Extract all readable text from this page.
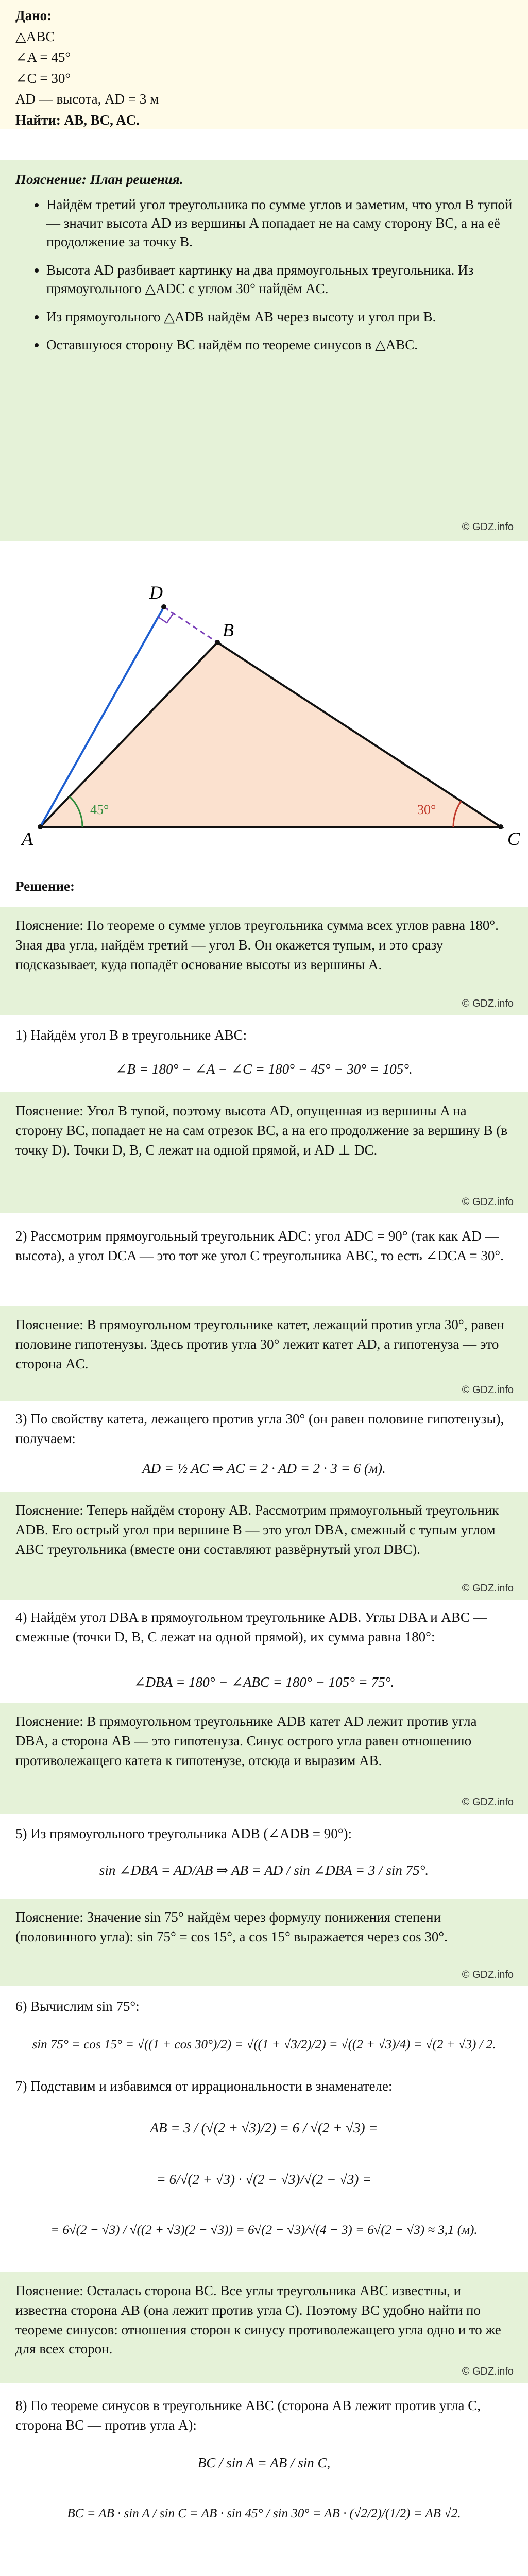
Дано:
△ABC
∠A = 45°
∠C = 30°
AD — высота, AD = 3 м
Найти: AB, BC, AC.
Пояснение: План решения.
• Найдём третий угол треугольника по сумме углов и заметим, что угол B тупой — значит высота AD из вершины A попадает не на саму сторону BC, а на её продолжение за точку B.
• Высота AD разбивает картинку на два прямоугольных треугольника. Из прямоугольного △ADC с углом 30° найдём AC.
• Из прямоугольного △ADB найдём AB через высоту и угол при B.
• Оставшуюся сторону BC найдём по теореме синусов в △ABC.
© GDZ.info
A
B
C
D
45°	30°
Решение:
Пояснение: По теореме о сумме углов треугольника сумма всех углов равна 180°. Зная два угла, найдём третий — угол B. Он окажется тупым, и это сразу подсказывает, куда попадёт основание высоты из вершины A.
© GDZ.info
1) Найдём угол B в треугольнике ABC:
∠B = 180° − ∠A − ∠C = 180° − 45° − 30° = 105°.
Пояснение: Угол B тупой, поэтому высота AD, опущенная из вершины A на сторону BC, попадает не на сам отрезок BC, а на его продолжение за вершину B (в точку D). Точки D, B, C лежат на одной прямой, и AD ⊥ DC.
© GDZ.info
2) Рассмотрим прямоугольный треугольник ADC: угол ADC = 90° (так как AD — высота), а угол DCA — это тот же угол C треугольника ABC, то есть ∠DCA = 30°.
Пояснение: В прямоугольном треугольнике катет, лежащий против угла 30°, равен половине гипотенузы. Здесь против угла 30° лежит катет AD, а гипотенуза — это сторона AC.
© GDZ.info
3) По свойству катета, лежащего против угла 30° (он равен половине гипотенузы), получаем:
AD = ½ AC ⇒ AC = 2 · AD = 2 · 3 = 6 (м).
Пояснение: Теперь найдём сторону AB. Рассмотрим прямоугольный треугольник ADB. Его острый угол при вершине B — это угол DBA, смежный с тупым углом ABC треугольника (вместе они составляют развёрнутый угол DBC).
© GDZ.info
4) Найдём угол DBA в прямоугольном треугольнике ADB. Углы DBA и ABC — смежные (точки D, B, C лежат на одной прямой), их сумма равна 180°:
∠DBA = 180° − ∠ABC = 180° − 105° = 75°.
Пояснение: В прямоугольном треугольнике ADB катет AD лежит против угла DBA, а сторона AB — это гипотенуза. Синус острого угла равен отношению противолежащего катета к гипотенузе, отсюда и выразим AB.
© GDZ.info
5) Из прямоугольного треугольника ADB (∠ADB = 90°):
sin ∠DBA = AD/AB ⇒ AB = AD / sin ∠DBA = 3 / sin 75°.
Пояснение: Значение sin 75° найдём через формулу понижения степени (половинного угла): sin 75° = cos 15°, а cos 15° выражается через cos 30°.
© GDZ.info
6) Вычислим sin 75°:
sin 75° = cos 15° = √((1 + cos 30°)/2) = √((1 + √3/2)/2) = √((2 + √3)/4) = √(2 + √3) / 2.
7) Подставим и избавимся от иррациональности в знаменателе:
AB = 3 / (√(2 + √3)/2) = 6 / √(2 + √3) =
= 6/√(2 + √3) · √(2 − √3)/√(2 − √3) =
= 6√(2 − √3) / √((2 + √3)(2 − √3)) = 6√(2 − √3)/√(4 − 3) = 6√(2 − √3) ≈ 3,1 (м).
Пояснение: Осталась сторона BC. Все углы треугольника ABC известны, и известна сторона AB (она лежит против угла C). Поэтому BC удобно найти по теореме синусов: отношения сторон к синусу противолежащего угла одно и то же для всех сторон.
© GDZ.info
8) По теореме синусов в треугольнике ABC (сторона AB лежит против угла C, сторона BC — против угла A):
BC / sin A = AB / sin C,
BC = AB · sin A / sin C = AB · sin 45° / sin 30° = AB · (√2/2)/(1/2) = AB √2.
